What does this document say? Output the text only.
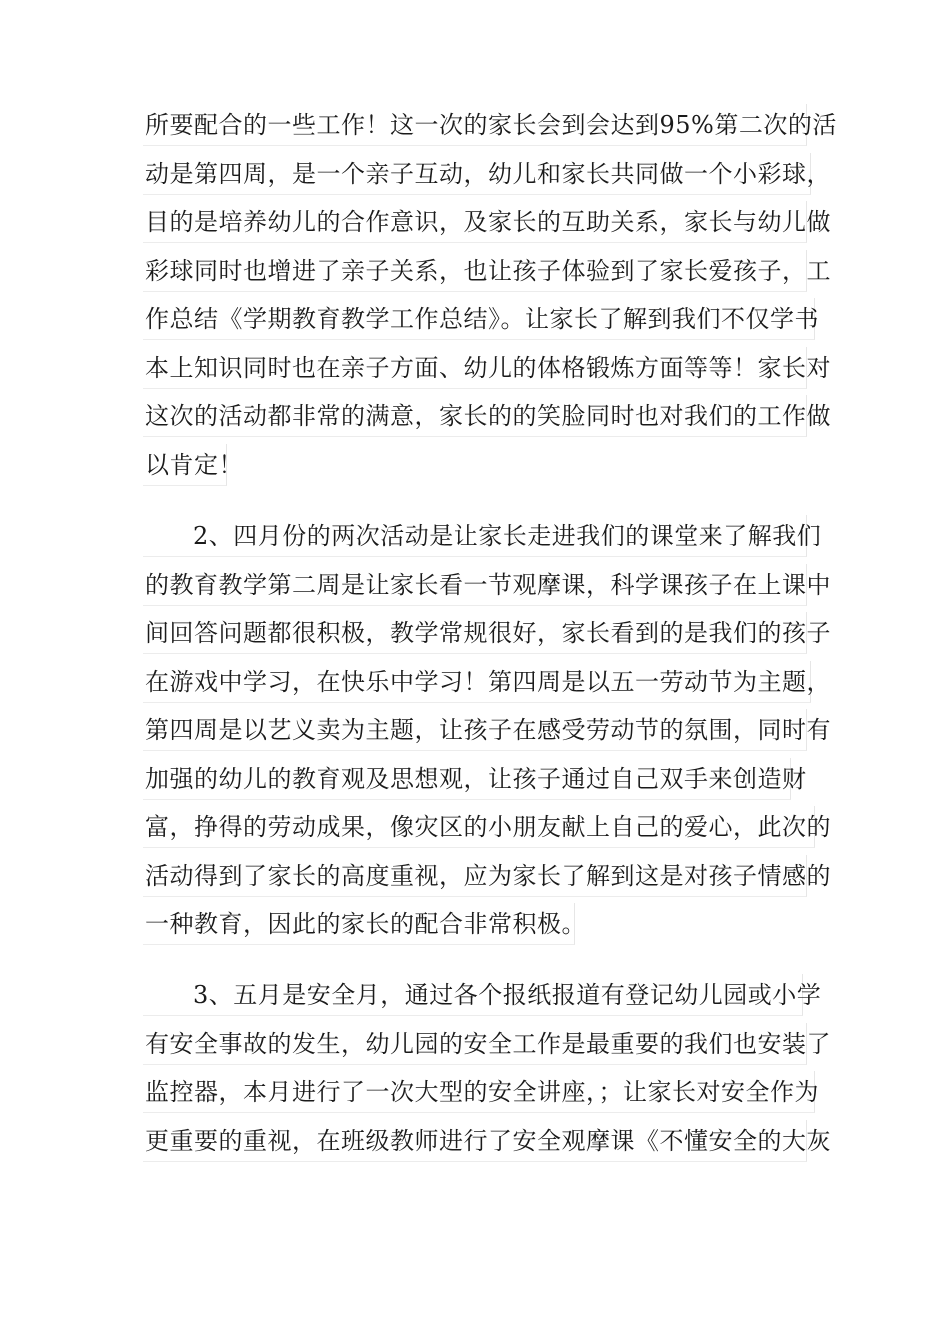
所要配合的一些工作！这一次的家长会到会达到95%第二次的活
动是第四周，是一个亲子互动，幼儿和家长共同做一个小彩球，
目的是培养幼儿的合作意识，及家长的互助关系，家长与幼儿做
彩球同时也增进了亲子关系，也让孩子体验到了家长爱孩子，工
作总结《学期教育教学工作总结》。让家长了解到我们不仅学书
本上知识同时也在亲子方面、幼儿的体格锻炼方面等等！家长对
这次的活动都非常的满意，家长的的笑脸同时也对我们的工作做
以肯定！
2、四月份的两次活动是让家长走进我们的课堂来了解我们
的教育教学第二周是让家长看一节观摩课，科学课孩子在上课中
间回答问题都很积极，教学常规很好，家长看到的是我们的孩子
在游戏中学习，在快乐中学习！第四周是以五一劳动节为主题，
第四周是以艺义卖为主题，让孩子在感受劳动节的氛围，同时有
加强的幼儿的教育观及思想观，让孩子通过自己双手来创造财
富，挣得的劳动成果，像灾区的小朋友献上自己的爱心，此次的
活动得到了家长的高度重视，应为家长了解到这是对孩子情感的
一种教育，因此的家长的配合非常积极。
3、五月是安全月，通过各个报纸报道有登记幼儿园或小学
有安全事故的发生，幼儿园的安全工作是最重要的我们也安装了
监控器，本月进行了一次大型的安全讲座，；让家长对安全作为
更重要的重视，在班级教师进行了安全观摩课《不懂安全的大灰
